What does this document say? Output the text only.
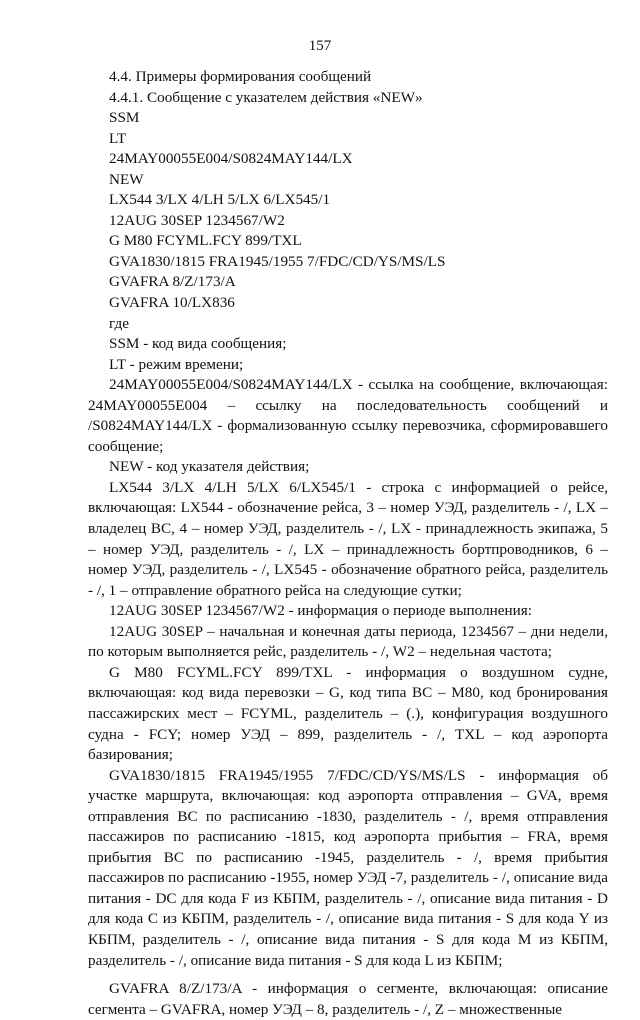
157

4.4. Примеры формирования сообщений

4.4.1. Сообщение с указателем действия «NEW»

SSM

LT

24MAY00055E004/S0824MAY144/LX

NEW

LX544 3/LX 4/LH 5/LX 6/LX545/1

12AUG 30SEP 1234567/W2

G M80 FCYML.FCY 899/TXL

GVA1830/1815 FRA1945/1955 7/FDC/CD/YS/MS/LS

GVAFRA 8/Z/173/A

GVAFRA 10/LX836

где

SSM - код вида сообщения;

LT - режим времени;

24MAY00055E004/S0824MAY144/LX - ссылка на сообщение, включающая: 24MAY00055E004 – ссылку на последовательность сообщений и /S0824MAY144/LX - формализованную ссылку перевозчика, сформировавшего сообщение;

NEW - код указателя действия;

LX544 3/LX 4/LH 5/LX 6/LX545/1 - строка с информацией о рейсе, включающая: LX544 - обозначение рейса, 3 – номер УЭД, разделитель - /, LX – владелец ВС, 4 – номер УЭД, разделитель - /, LX - принадлежность экипажа, 5 – номер УЭД, разделитель - /, LX – принадлежность бортпроводников, 6 – номер УЭД, разделитель - /, LX545 - обозначение обратного рейса, разделитель - /, 1 – отправление обратного рейса на следующие сутки;

12AUG 30SEP 1234567/W2 - информация о периоде выполнения:

12AUG 30SEP – начальная и конечная даты периода, 1234567 – дни недели, по которым выполняется рейс, разделитель - /, W2 – недельная частота;

G M80 FCYML.FCY 899/TXL - информация о воздушном судне, включающая: код вида перевозки – G, код типа ВС – M80, код бронирования пассажирских мест – FCYML, разделитель – (.), конфигурация воздушного судна - FCY; номер УЭД – 899, разделитель - /, TXL – код аэропорта базирования;

GVA1830/1815 FRA1945/1955 7/FDC/CD/YS/MS/LS - информация об участке маршрута, включающая: код аэропорта отправления – GVA, время отправления ВС по расписанию -1830, разделитель - /, время отправления пассажиров по расписанию -1815, код аэропорта прибытия – FRA, время прибытия ВС по расписанию -1945, разделитель - /, время прибытия пассажиров по расписанию -1955, номер УЭД -7, разделитель - /, описание вида питания - DC для кода F из КБПМ, разделитель - /, описание вида питания - D для кода C из КБПМ, разделитель - /, описание вида питания - S для кода Y из КБПМ, разделитель - /, описание вида питания - S для кода M из КБПМ, разделитель - /, описание вида питания - S для кода L из КБПМ;

GVAFRA 8/Z/173/A - информация о сегменте, включающая: описание сегмента – GVAFRA, номер УЭД – 8, разделитель - /, Z – множественные
